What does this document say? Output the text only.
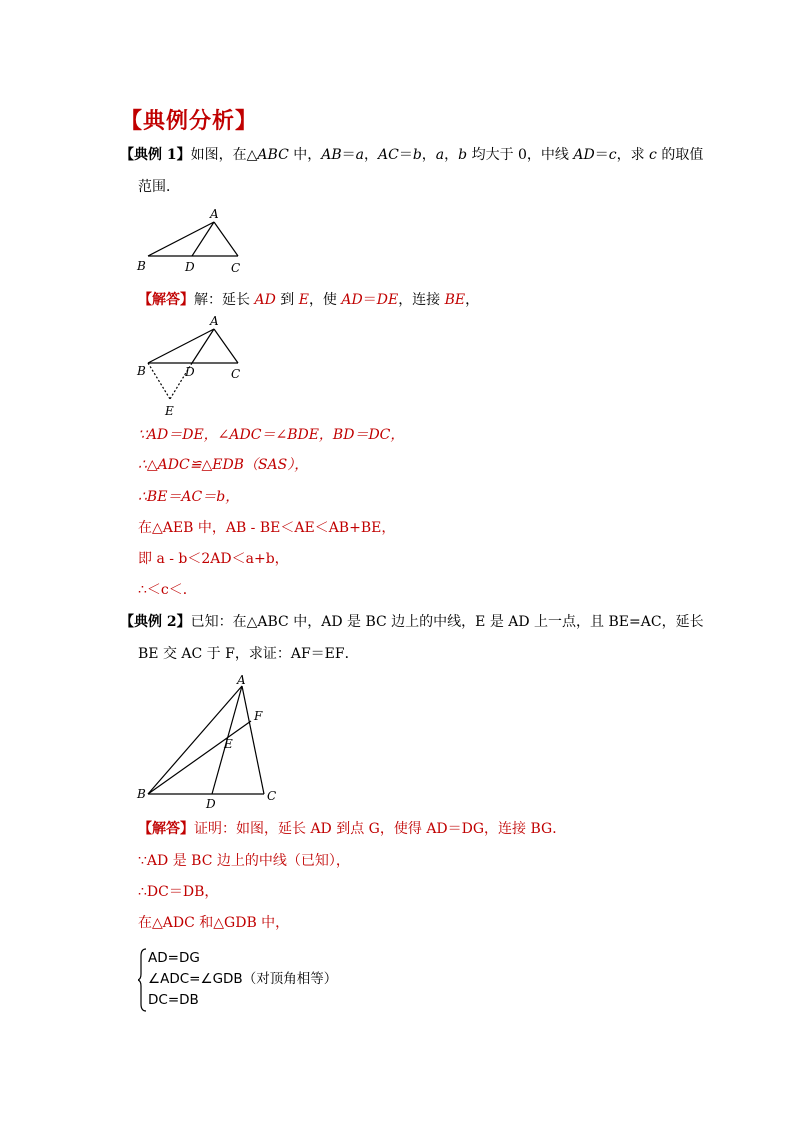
【典例分析】
【典例 1】如图，在△ABC 中，AB＝a，AC＝b，a，b 均大于 0，中线 AD＝c，求 c 的取值
范围．
A
B	D	C
【解答】解：延长 AD 到 E，使 AD＝DE，连接 BE，
A
B	D	C
E
∵AD＝DE，∠ADC＝∠BDE，BD＝DC，
∴△ADC≌△EDB（SAS），
∴BE＝AC＝b，
在△AEB 中，AB - BE＜AE＜AB+BE，
即 a - b＜2AD＜a+b，
∴＜c＜．
【典例 2】已知：在△ABC 中，AD 是 BC 边上的中线，E 是 AD 上一点，且 BE=AC，延长
BE 交 AC 于 F，求证：AF＝EF．
A
F
E
B
D
C
【解答】证明：如图，延长 AD 到点 G，使得 AD＝DG，连接 BG．
∵AD 是 BC 边上的中线（已知），
∴DC＝DB，
在△ADC 和△GDB 中，
AD=DG
∠ADC=∠GDB（对顶角相等）
DC=DB
